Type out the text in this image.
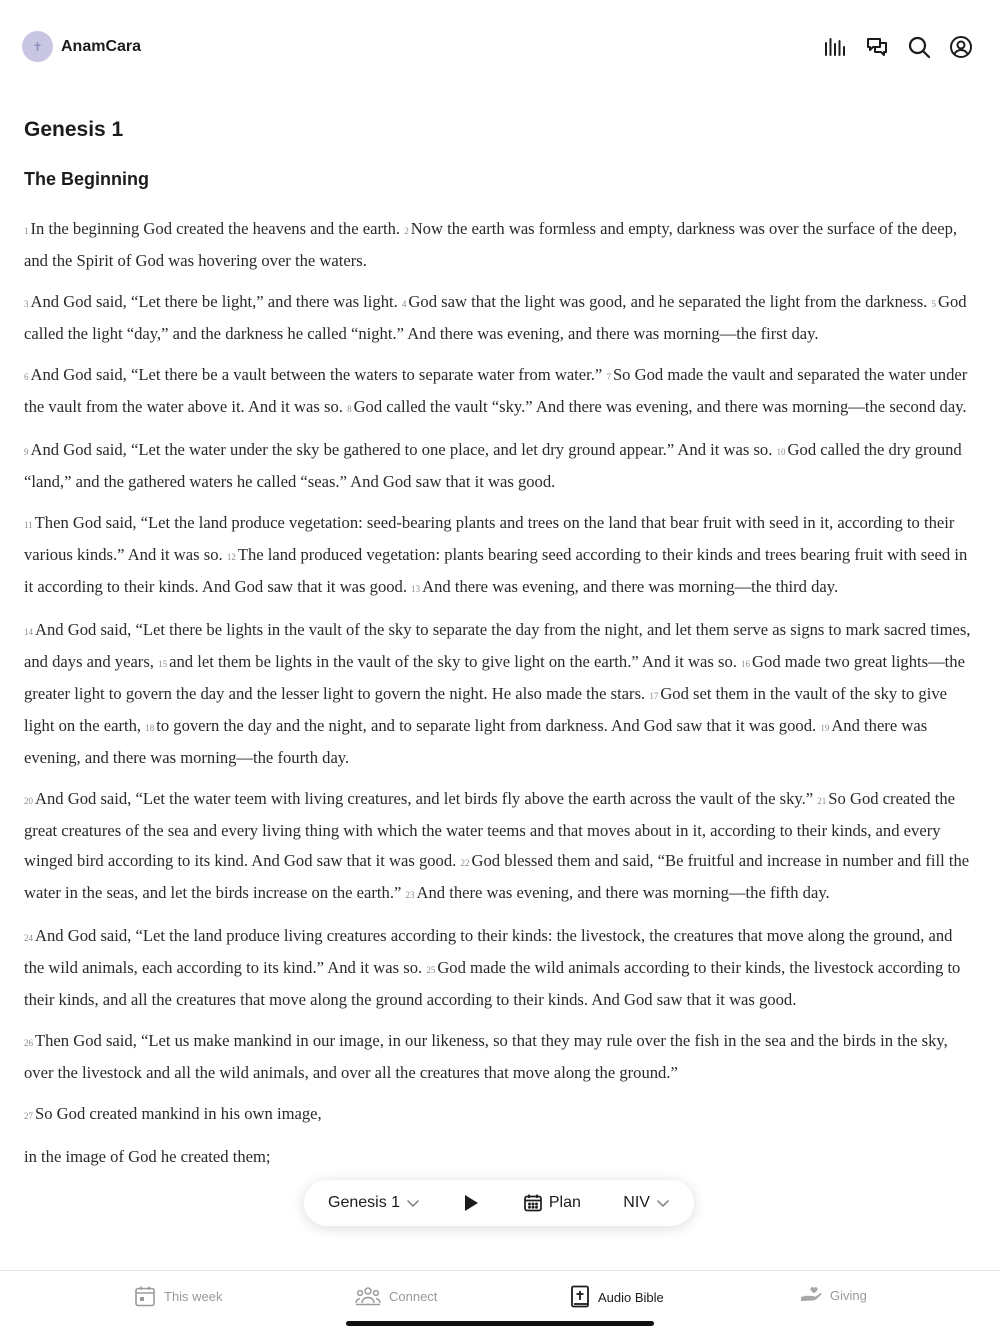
✝	AnamCara
Genesis 1
The Beginning

1 In the beginning God created the heavens and the earth. 2 Now the earth was formless and empty, darkness was over the surface of the deep, and the Spirit of God was hovering over the waters.

3 And God said, “Let there be light,” and there was light. 4 God saw that the light was good, and he separated the light from the darkness. 5 God called the light “day,” and the darkness he called “night.” And there was evening, and there was morning—the first day.

6 And God said, “Let there be a vault between the waters to separate water from water.” 7 So God made the vault and separated the water under the vault from the water above it. And it was so. 8 God called the vault “sky.” And there was evening, and there was morning—the second day.

9 And God said, “Let the water under the sky be gathered to one place, and let dry ground appear.” And it was so. 10 God called the dry ground “land,” and the gathered waters he called “seas.” And God saw that it was good.

11 Then God said, “Let the land produce vegetation: seed-bearing plants and trees on the land that bear fruit with seed in it, according to their various kinds.” And it was so. 12 The land produced vegetation: plants bearing seed according to their kinds and trees bearing fruit with seed in it according to their kinds. And God saw that it was good. 13 And there was evening, and there was morning—the third day.

14 And God said, “Let there be lights in the vault of the sky to separate the day from the night, and let them serve as signs to mark sacred times, and days and years, 15 and let them be lights in the vault of the sky to give light on the earth.” And it was so. 16 God made two great lights—the greater light to govern the day and the lesser light to govern the night. He also made the stars. 17 God set them in the vault of the sky to give light on the earth, 18 to govern the day and the night, and to separate light from darkness. And God saw that it was good. 19 And there was evening, and there was morning—the fourth day.

20 And God said, “Let the water teem with living creatures, and let birds fly above the earth across the vault of the sky.” 21 So God created the great creatures of the sea and every living thing with which the water teems and that moves about in it, according to their kinds, and every winged bird according to its kind. And God saw that it was good. 22 God blessed them and said, “Be fruitful and increase in number and fill the water in the seas, and let the birds increase on the earth.” 23 And there was evening, and there was morning—the fifth day.

24 And God said, “Let the land produce living creatures according to their kinds: the livestock, the creatures that move along the ground, and the wild animals, each according to its kind.” And it was so. 25 God made the wild animals according to their kinds, the livestock according to their kinds, and all the creatures that move along the ground according to their kinds. And God saw that it was good.

26 Then God said, “Let us make mankind in our image, in our likeness, so that they may rule over the fish in the sea and the birds in the sky, over the livestock and all the wild animals, and over all the creatures that move along the ground.”

27 So God created mankind in his own image,

in the image of God he created them;

Genesis 1	Plan	NIV
This week	Connect	Audio Bible	Giving
